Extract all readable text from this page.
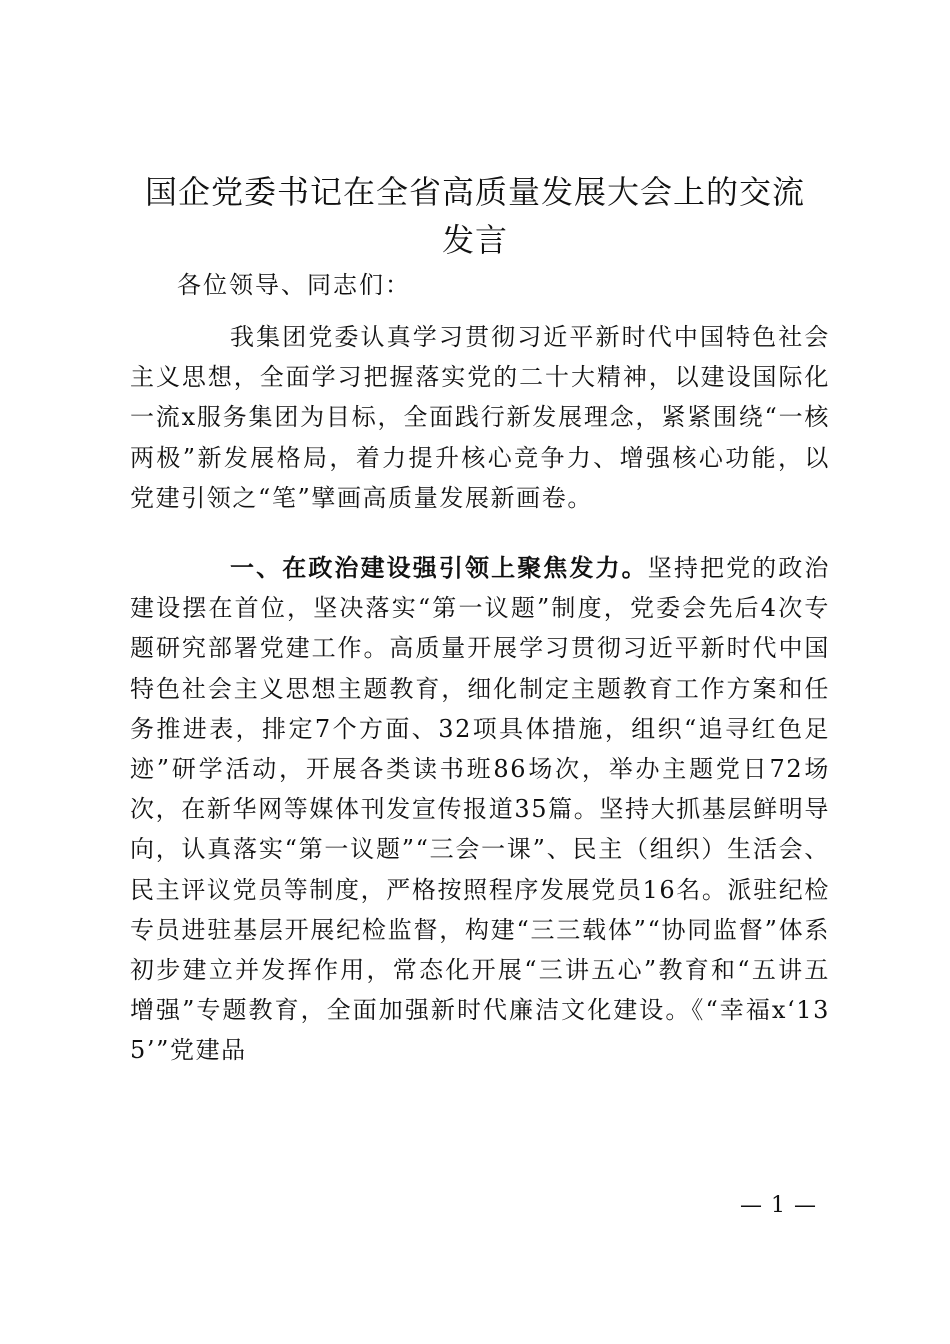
国企党委书记在全省高质量发展大会上的交流
发言
各位领导、同志们：
我集团党委认真学习贯彻习近平新时代中国特色社会主义思想，全面学习把握落实党的二十大精神，以建设国际化一流x服务集团为目标，全面践行新发展理念，紧紧围绕“一核两极”新发展格局，着力提升核心竞争力、增强核心功能，以党建引领之“笔”擘画高质量发展新画卷。
一、在政治建设强引领上聚焦发力。坚持把党的政治建设摆在首位，坚决落实“第一议题”制度，党委会先后4次专题研究部署党建工作。高质量开展学习贯彻习近平新时代中国特色社会主义思想主题教育，细化制定主题教育工作方案和任务推进表，排定7个方面、32项具体措施，组织“追寻红色足迹”研学活动，开展各类读书班86场次，举办主题党日72场次，在新华网等媒体刊发宣传报道35篇。坚持大抓基层鲜明导向，认真落实“第一议题”“三会一课”、民主（组织）生活会、民主评议党员等制度，严格按照程序发展党员16名。派驻纪检专员进驻基层开展纪检监督，构建“三三载体”“协同监督”体系初步建立并发挥作用，常态化开展“三讲五心”教育和“五讲五增强”专题教育，全面加强新时代廉洁文化建设。《“幸福x‘135’”党建品
— 1 —
